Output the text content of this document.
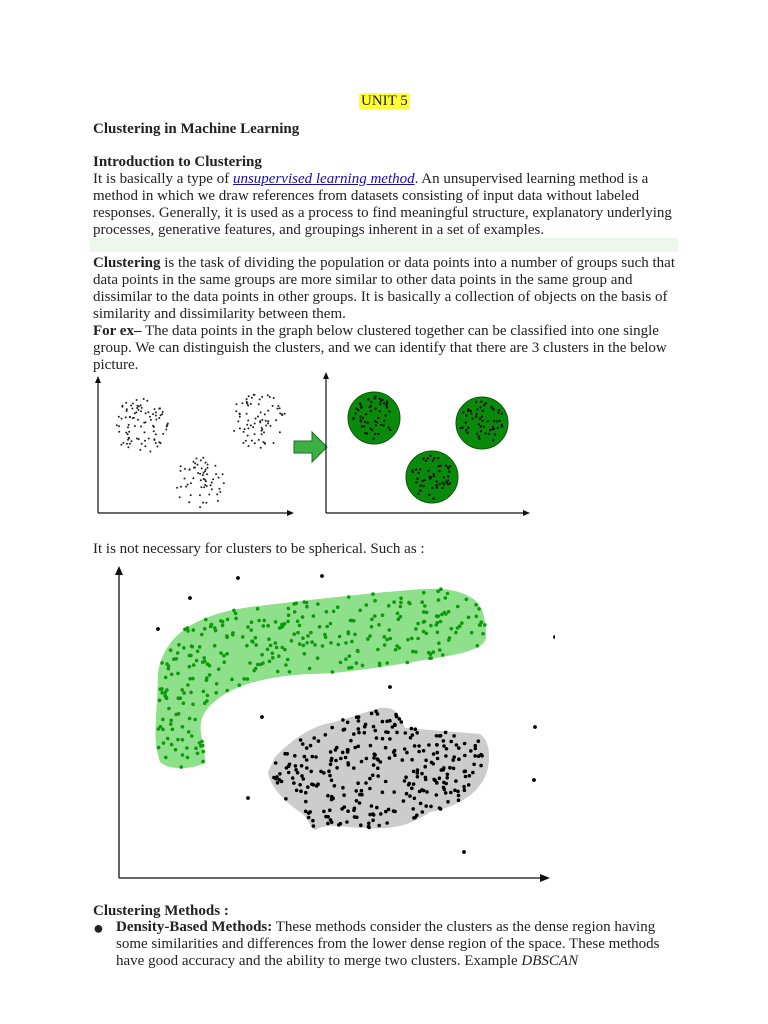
UNIT 5
Clustering in Machine Learning
Introduction to Clustering
It is basically a type of unsupervised learning method. An unsupervised learning method is a method in which we draw references from datasets consisting of input data without labeled responses. Generally, it is used as a process to find meaningful structure, explanatory underlying processes, generative features, and groupings inherent in a set of examples.
Clustering is the task of dividing the population or data points into a number of groups such that data points in the same groups are more similar to other data points in the same group and dissimilar to the data points in other groups. It is basically a collection of objects on the basis of similarity and dissimilarity between them.
For ex– The data points in the graph below clustered together can be classified into one single group. We can distinguish the clusters, and we can identify that there are 3 clusters in the below picture.
It is not necessary for clusters to be spherical. Such as :
Clustering Methods :
● Density-Based Methods: These methods consider the clusters as the dense region having some similarities and differences from the lower dense region of the space. These methods have good accuracy and the ability to merge two clusters. Example DBSCAN
